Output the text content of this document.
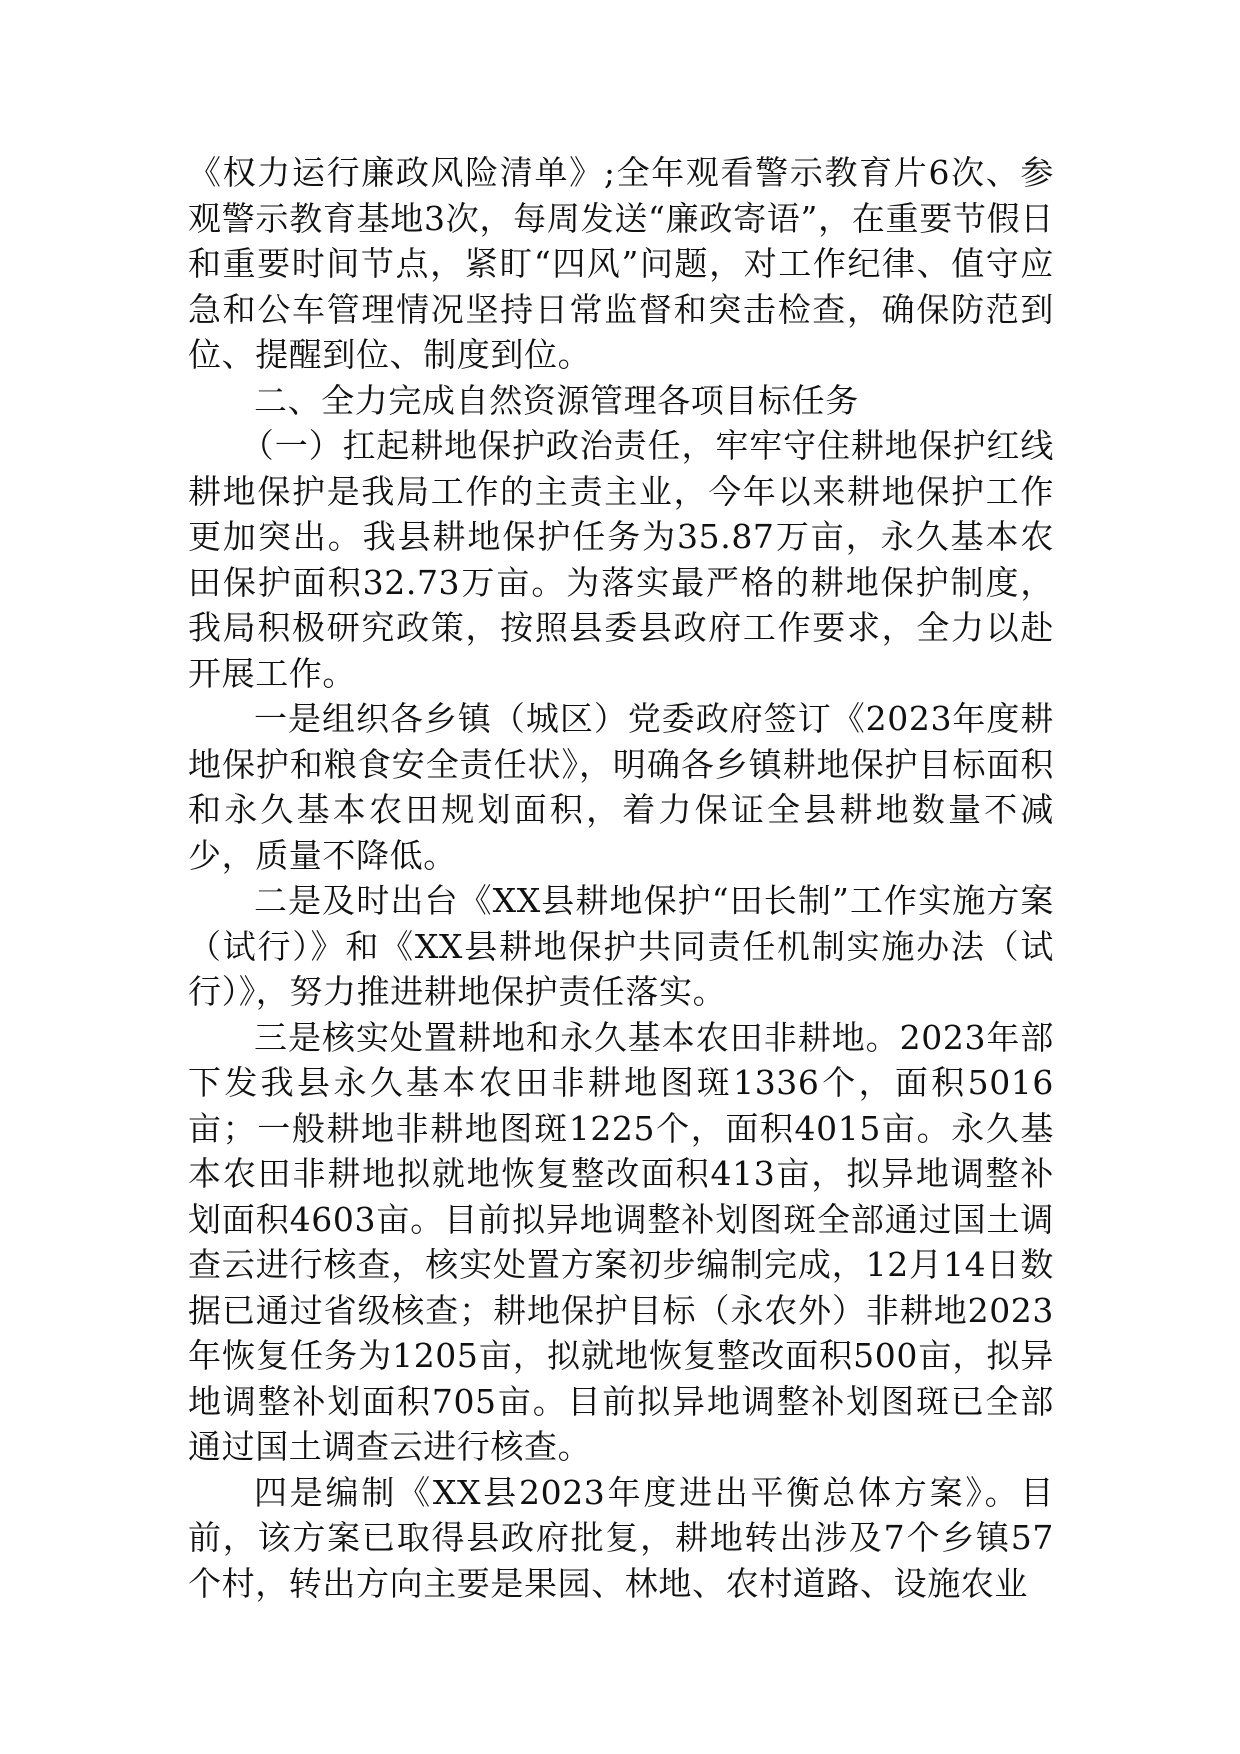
《权力运行廉政风险清单》;全年观看警示教育片6次、参观警示教育基地3次，每周发送“廉政寄语”，在重要节假日和重要时间节点，紧盯“四风”问题，对工作纪律、值守应急和公车管理情况坚持日常监督和突击检查，确保防范到位、提醒到位、制度到位。

二、全力完成自然资源管理各项目标任务

（一）扛起耕地保护政治责任，牢牢守住耕地保护红线耕地保护是我局工作的主责主业，今年以来耕地保护工作更加突出。我县耕地保护任务为35.87万亩，永久基本农田保护面积32.73万亩。为落实最严格的耕地保护制度，我局积极研究政策，按照县委县政府工作要求，全力以赴开展工作。

一是组织各乡镇（城区）党委政府签订《2023年度耕地保护和粮食安全责任状》，明确各乡镇耕地保护目标面积和永久基本农田规划面积，着力保证全县耕地数量不减少，质量不降低。

二是及时出台《XX县耕地保护“田长制”工作实施方案（试行）》和《XX县耕地保护共同责任机制实施办法（试行）》，努力推进耕地保护责任落实。

三是核实处置耕地和永久基本农田非耕地。2023年部下发我县永久基本农田非耕地图斑1336个，面积5016亩；一般耕地非耕地图斑1225个，面积4015亩。永久基本农田非耕地拟就地恢复整改面积413亩，拟异地调整补划面积4603亩。目前拟异地调整补划图斑全部通过国土调查云进行核查，核实处置方案初步编制完成，12月14日数据已通过省级核查；耕地保护目标（永农外）非耕地2023年恢复任务为1205亩，拟就地恢复整改面积500亩，拟异地调整补划面积705亩。目前拟异地调整补划图斑已全部通过国土调查云进行核查。

四是编制《XX县2023年度进出平衡总体方案》。目前，该方案已取得县政府批复，耕地转出涉及7个乡镇57个村，转出方向主要是果园、林地、农村道路、设施农业
